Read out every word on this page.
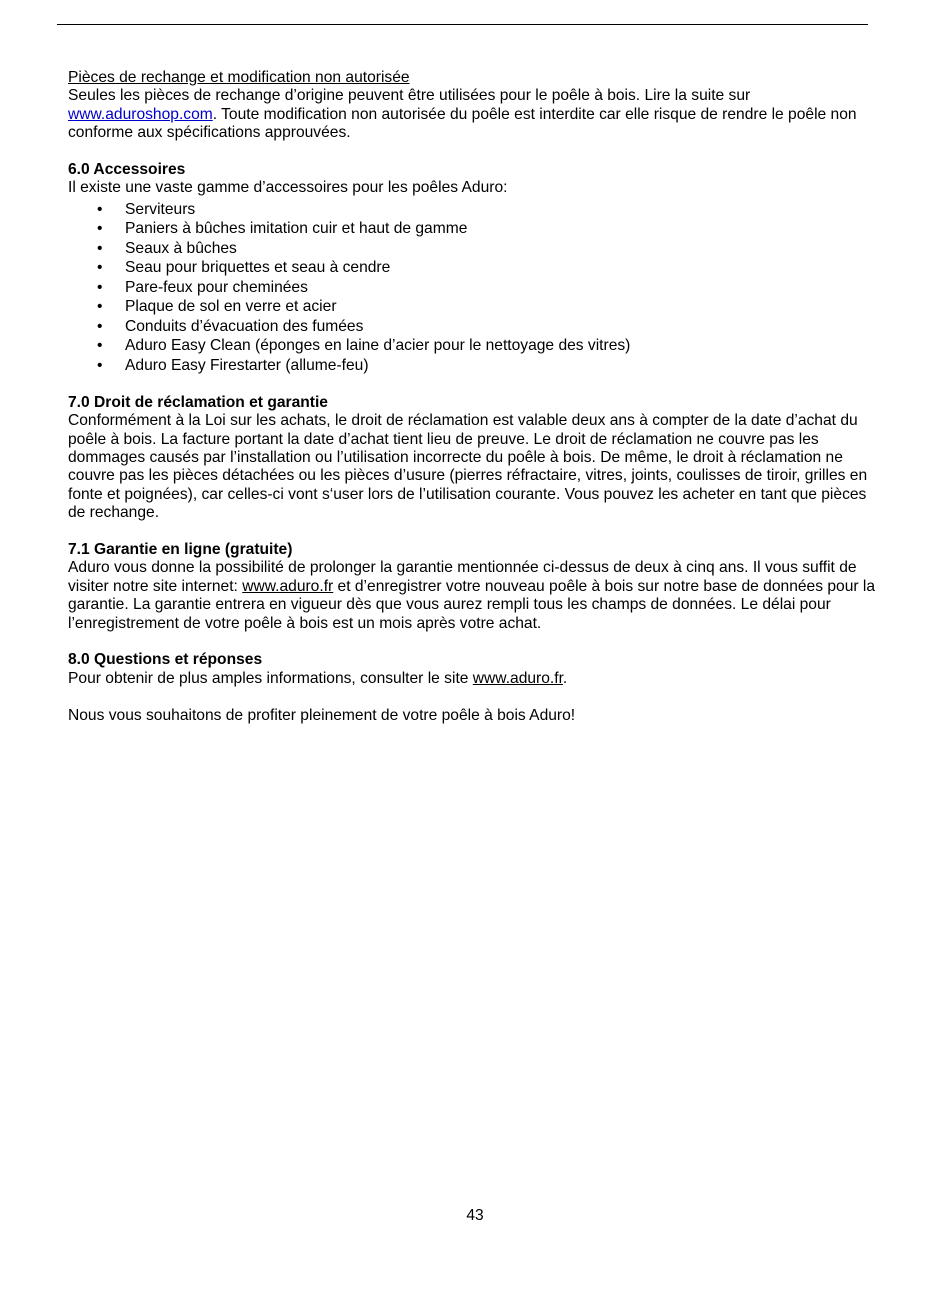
Pièces de rechange et modification non autorisée

Seules les pièces de rechange d’origine peuvent être utilisées pour le poêle à bois. Lire la suite sur www.aduroshop.com. Toute modification non autorisée du poêle est interdite car elle risque de rendre le poêle non conforme aux spécifications approuvées.

6.0 Accessoires

Il existe une vaste gamme d’accessoires pour les poêles Aduro:

• Serviteurs
• Paniers à bûches imitation cuir et haut de gamme
• Seaux à bûches
• Seau pour briquettes et seau à cendre
• Pare-feux pour cheminées
• Plaque de sol en verre et acier
• Conduits d’évacuation des fumées
• Aduro Easy Clean (éponges en laine d’acier pour le nettoyage des vitres)
• Aduro Easy Firestarter (allume-feu)

7.0 Droit de réclamation et garantie

Conformément à la Loi sur les achats, le droit de réclamation est valable deux ans à compter de la date d’achat du poêle à bois. La facture portant la date d’achat tient lieu de preuve. Le droit de réclamation ne couvre pas les dommages causés par l’installation ou l’utilisation incorrecte du poêle à bois. De même, le droit à réclamation ne couvre pas les pièces détachées ou les pièces d’usure (pierres réfractaire, vitres, joints, coulisses de tiroir, grilles en fonte et poignées), car celles-ci vont s‘user lors de l’utilisation courante. Vous pouvez les acheter en tant que pièces de rechange.

7.1 Garantie en ligne (gratuite)

Aduro vous donne la possibilité de prolonger la garantie mentionnée ci-dessus de deux à cinq ans. Il vous suffit de visiter notre site internet: www.aduro.fr et d’enregistrer votre nouveau poêle à bois sur notre base de données pour la garantie. La garantie entrera en vigueur dès que vous aurez rempli tous les champs de données. Le délai pour l’enregistrement de votre poêle à bois est un mois après votre achat.

8.0 Questions et réponses

Pour obtenir de plus amples informations, consulter le site www.aduro.fr.

Nous vous souhaitons de profiter pleinement de votre poêle à bois Aduro!

43
